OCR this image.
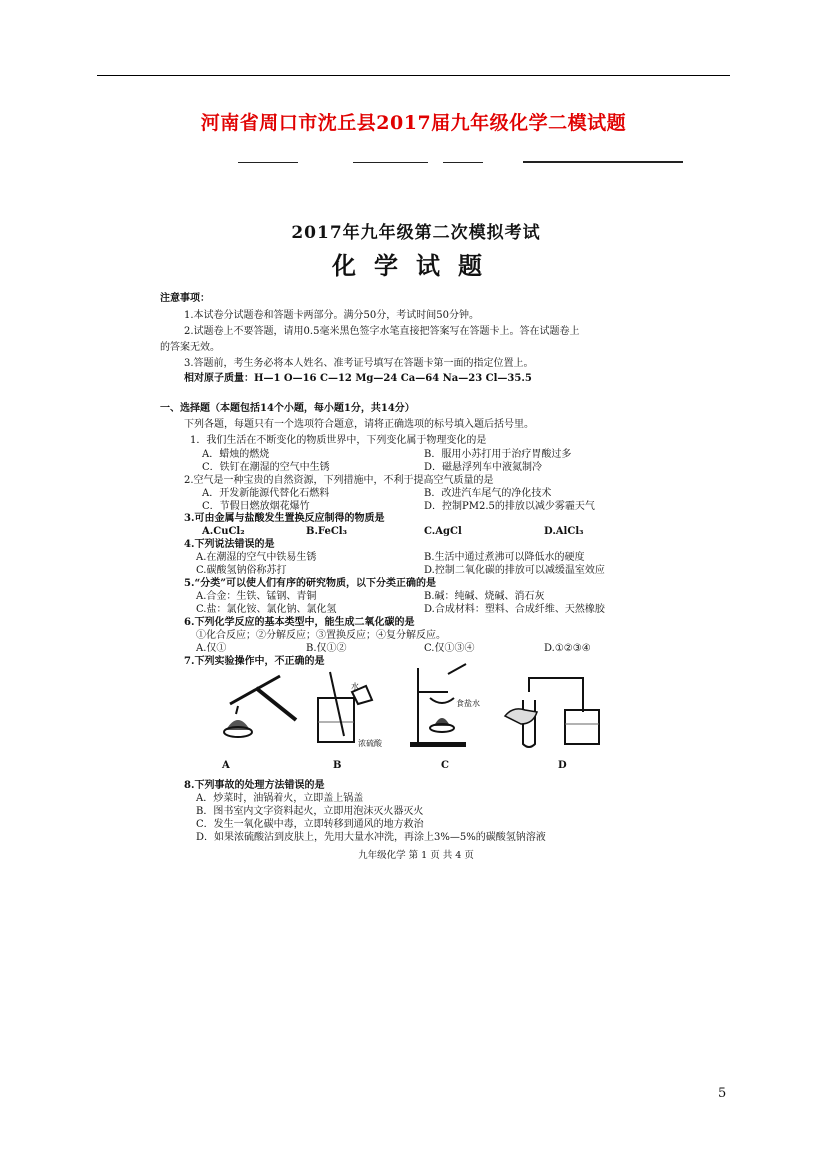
河南省周口市沈丘县2017届九年级化学二模试题
2017年九年级第二次模拟考试
化学试题
注意事项：
1.本试卷分试题卷和答题卡两部分。满分50分，考试时间50分钟。
2.试题卷上不要答题，请用0.5毫米黑色签字水笔直接把答案写在答题卡上。答在试题卷上
的答案无效。
3.答题前，考生务必将本人姓名、准考证号填写在答题卡第一面的指定位置上。
相对原子质量：H—1 O—16 C—12 Mg—24 Ca—64 Na—23 Cl—35.5
一、选择题（本题包括14个小题，每小题1分，共14分）
下列各题，每题只有一个选项符合题意，请将正确选项的标号填入题后括号里。
1．我们生活在不断变化的物质世界中，下列变化属于物理变化的是
A．蜡烛的燃烧	B．服用小苏打用于治疗胃酸过多
C．铁钉在潮湿的空气中生锈	D．磁悬浮列车中液氮制冷
2.空气是一种宝贵的自然资源，下列措施中，不利于提高空气质量的是
A．开发新能源代替化石燃料	B．改进汽车尾气的净化技术
C．节假日燃放烟花爆竹	D．控制PM2.5的排放以减少雾霾天气
3.可由金属与盐酸发生置换反应制得的物质是
A.CuCl₂	B.FeCl₃	C.AgCl	D.AlCl₃
4.下列说法错误的是
A.在潮湿的空气中铁易生锈	B.生活中通过煮沸可以降低水的硬度
C.碳酸氢钠俗称苏打	D.控制二氧化碳的排放可以减缓温室效应
5.“分类”可以使人们有序的研究物质，以下分类正确的是
A.合金：生铁、锰钢、青铜	B.碱：纯碱、烧碱、消石灰
C.盐：氯化铵、氯化钠、氯化氢	D.合成材料：塑料、合成纤维、天然橡胶
6.下列化学反应的基本类型中，能生成二氧化碳的是
①化合反应；②分解反应；③置换反应；④复分解反应。
A.仅①	B.仅①②	C.仅①③④	D.①②③④
7.下列实验操作中，不正确的是
水
浓硫酸
食盐水
A	B	C	D
8.下列事故的处理方法错误的是
A．炒菜时，油锅着火，立即盖上锅盖
B．图书室内文字资料起火，立即用泡沫灭火器灭火
C．发生一氧化碳中毒，立即转移到通风的地方救治
D．如果浓硫酸沾到皮肤上，先用大量水冲洗，再涂上3%—5%的碳酸氢钠溶液
九年级化学 第 1 页 共 4 页
5
